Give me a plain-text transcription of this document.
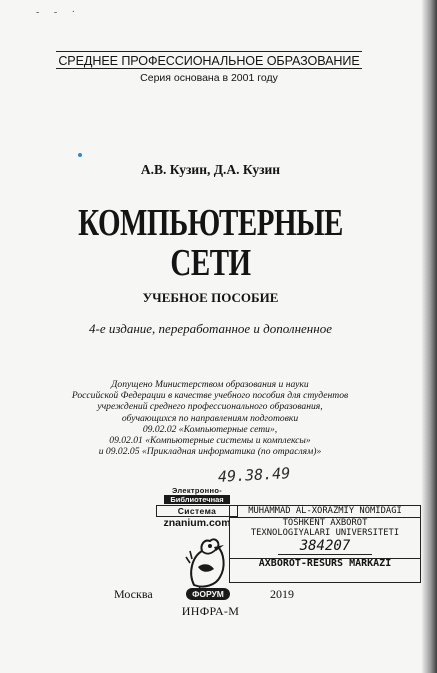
- - ·
СРЕДНЕЕ ПРОФЕССИОНАЛЬНОЕ ОБРАЗОВАНИЕ
Серия основана в 2001 году
А.В. Кузин, Д.А. Кузин
КОМПЬЮТЕРНЫЕ
СЕТИ
УЧЕБНОЕ ПОСОБИЕ
4-е издание, переработанное и дополненное
Допущено Министерством образования и науки
Российской Федерации в качестве учебного пособия для студентов
учреждений среднего профессионального образования,
обучающихся по направлениям подготовки
09.02.02 «Компьютерные сети»,
09.02.01 «Компьютерные системы и комплексы»
и 09.02.05 «Прикладная информатика (по отраслям)»
49.38.49
Электронно-
Библиотечная
Система
znanium.com
MUHAMMAD AL-XORAZMIY NOMIDAGI
TOSHKENT AXBOROT
TEXNOLOGIYALARI UNIVERSITETI
384207
AXBOROT-RESURS MARKAZI
ФОРУМ
Москва	2019
ИНФРА-М
